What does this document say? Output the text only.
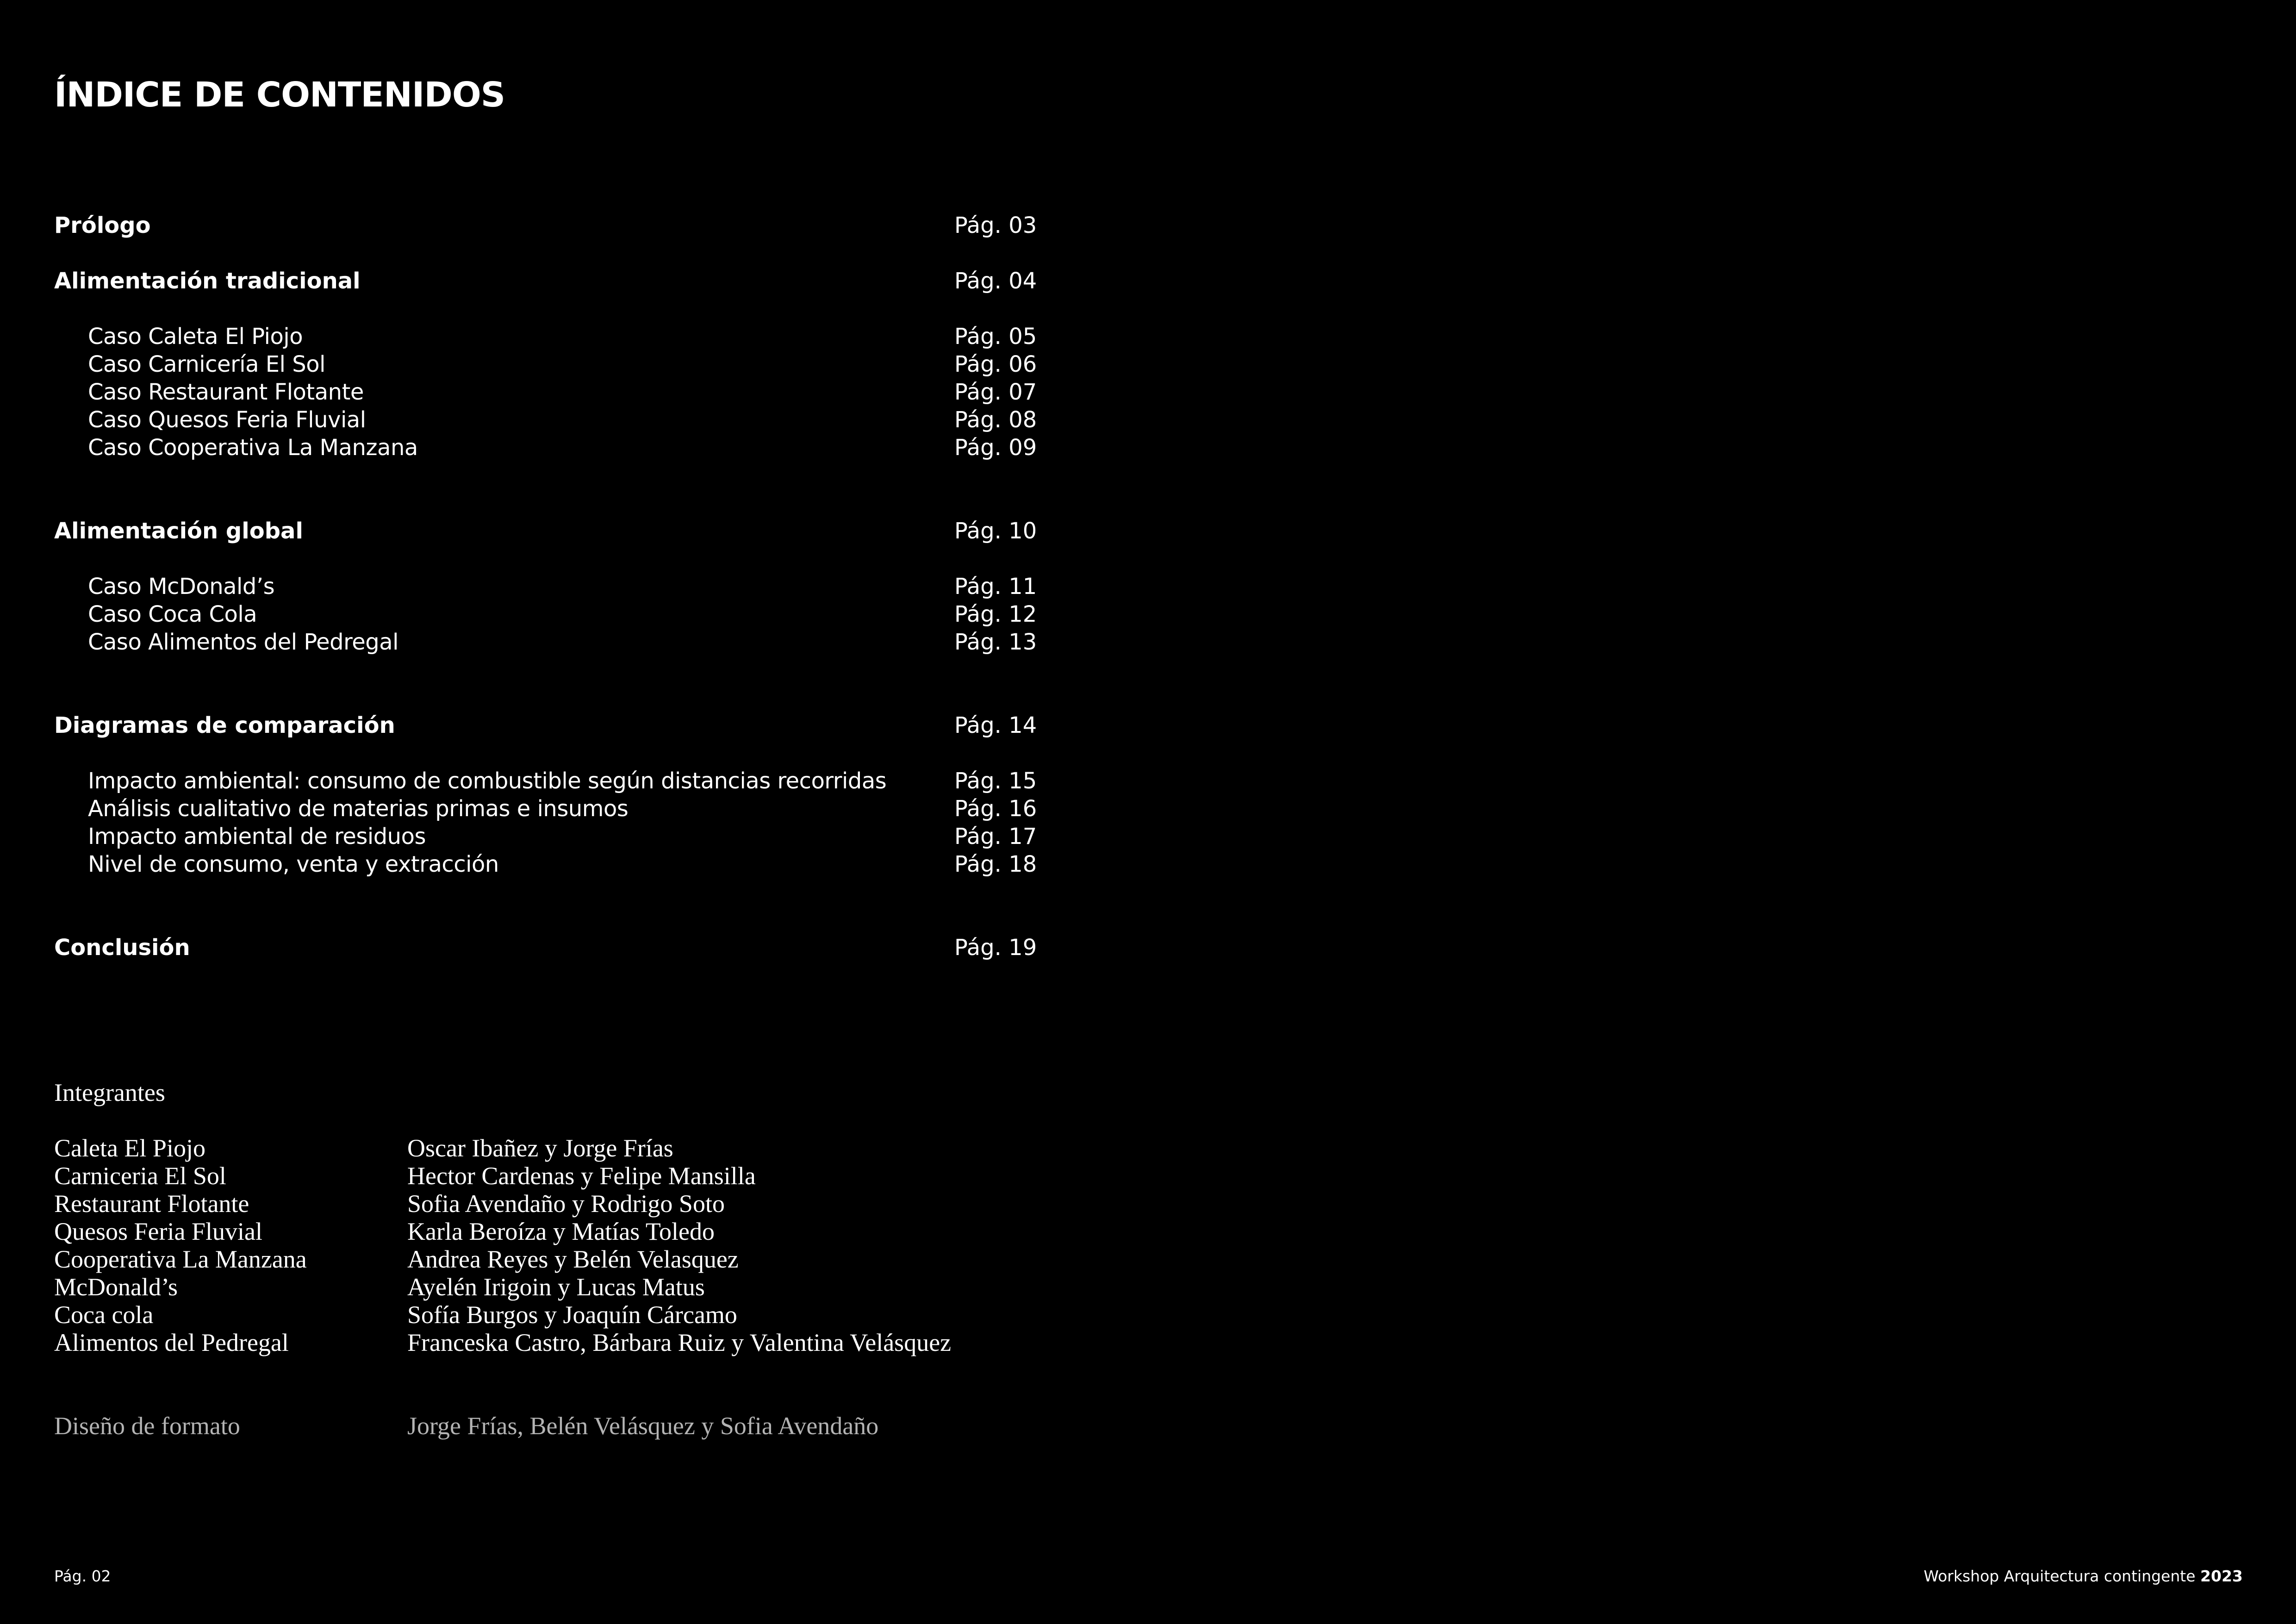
ÍNDICE DE CONTENIDOS
Prólogo	Pág. 03
Alimentación tradicional	Pág. 04
Caso Caleta El Piojo	Pág. 05
Caso Carnicería El Sol	Pág. 06
Caso Restaurant Flotante	Pág. 07
Caso Quesos Feria Fluvial	Pág. 08
Caso Cooperativa La Manzana	Pág. 09
Alimentación global	Pág. 10
Caso McDonald’s	Pág. 11
Caso Coca Cola	Pág. 12
Caso Alimentos del Pedregal	Pág. 13
Diagramas de comparación	Pág. 14
Impacto ambiental: consumo de combustible según distancias recorridas	Pág. 15
Análisis cualitativo de materias primas e insumos	Pág. 16
Impacto ambiental de residuos	Pág. 17
Nivel de consumo, venta y extracción	Pág. 18
Conclusión	Pág. 19
Integrantes
Caleta El Piojo	Oscar Ibañez y Jorge Frías
Carniceria El Sol	Hector Cardenas y Felipe Mansilla
Restaurant Flotante	Sofia Avendaño y Rodrigo Soto
Quesos Feria Fluvial	Karla Beroíza y Matías Toledo
Cooperativa La Manzana	Andrea Reyes y Belén Velasquez
McDonald’s	Ayelén Irigoin y Lucas Matus
Coca cola	Sofía Burgos y Joaquín Cárcamo
Alimentos del Pedregal	Franceska Castro, Bárbara Ruiz y Valentina Velásquez
Diseño de formato	Jorge Frías, Belén Velásquez y Sofia Avendaño
Pág. 02	Workshop Arquitectura contingente 2023
